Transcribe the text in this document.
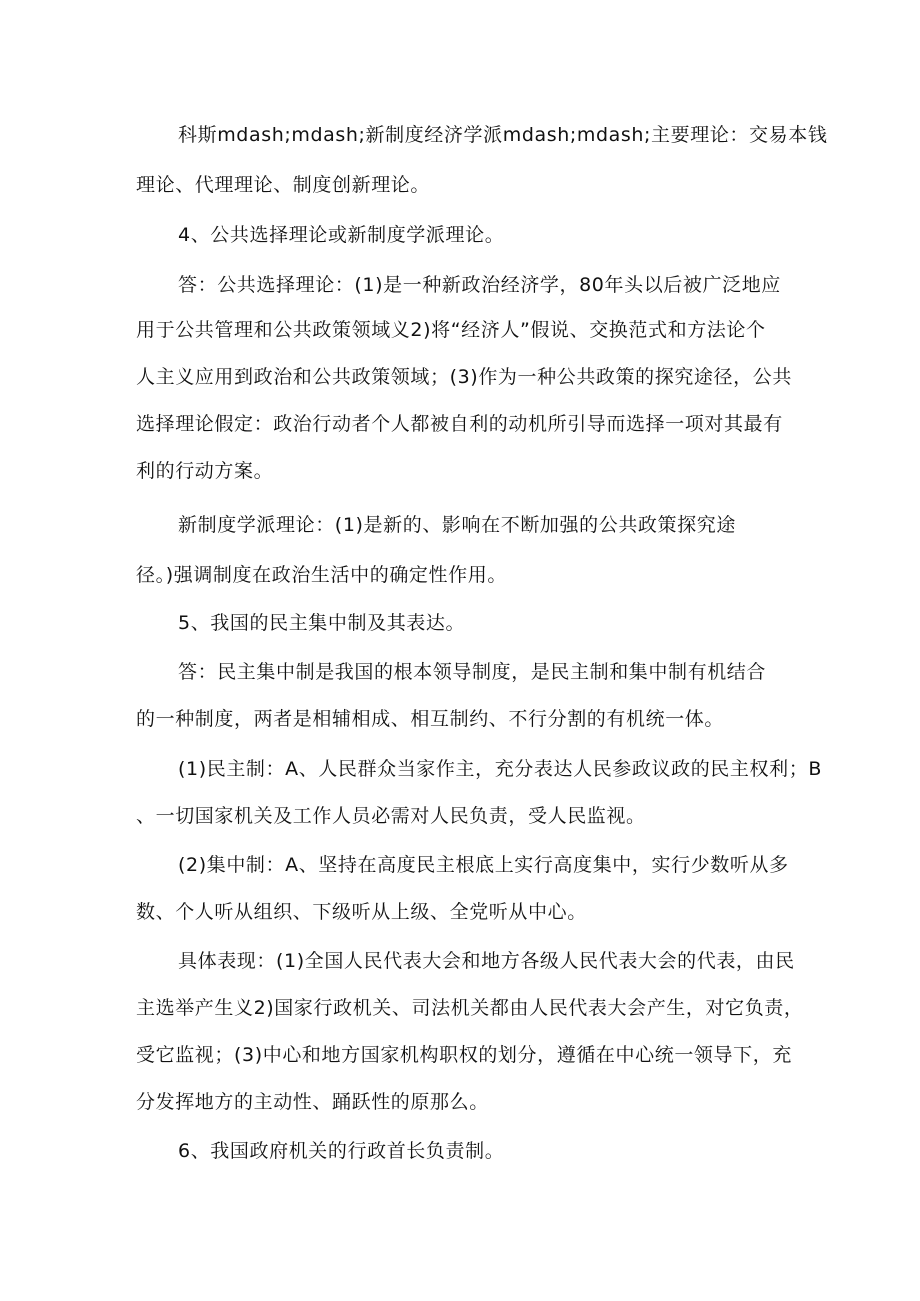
科斯mdash;mdash;新制度经济学派mdash;mdash;主要理论：交易本钱
理论、代理理论、制度创新理论。
4、公共选择理论或新制度学派理论。
答：公共选择理论：(1)是一种新政治经济学，80年头以后被广泛地应
用于公共管理和公共政策领域义2)将“经济人”假说、交换范式和方法论个
人主义应用到政治和公共政策领域；(3)作为一种公共政策的探究途径，公共
选择理论假定：政治行动者个人都被自利的动机所引导而选择一项对其最有
利的行动方案。
新制度学派理论：(1)是新的、影响在不断加强的公共政策探究途
径。)强调制度在政治生活中的确定性作用。
5、我国的民主集中制及其表达。
答：民主集中制是我国的根本领导制度，是民主制和集中制有机结合
的一种制度，两者是相辅相成、相互制约、不行分割的有机统一体。
(1)民主制：A、人民群众当家作主，充分表达人民参政议政的民主权利；B
、一切国家机关及工作人员必需对人民负责，受人民监视。
(2)集中制：A、坚持在高度民主根底上实行高度集中，实行少数听从多
数、个人听从组织、下级听从上级、全党听从中心。
具体表现：(1)全国人民代表大会和地方各级人民代表大会的代表，由民
主选举产生义2)国家行政机关、司法机关都由人民代表大会产生，对它负责，
受它监视；(3)中心和地方国家机构职权的划分，遵循在中心统一领导下，充
分发挥地方的主动性、踊跃性的原那么。
6、我国政府机关的行政首长负责制。
